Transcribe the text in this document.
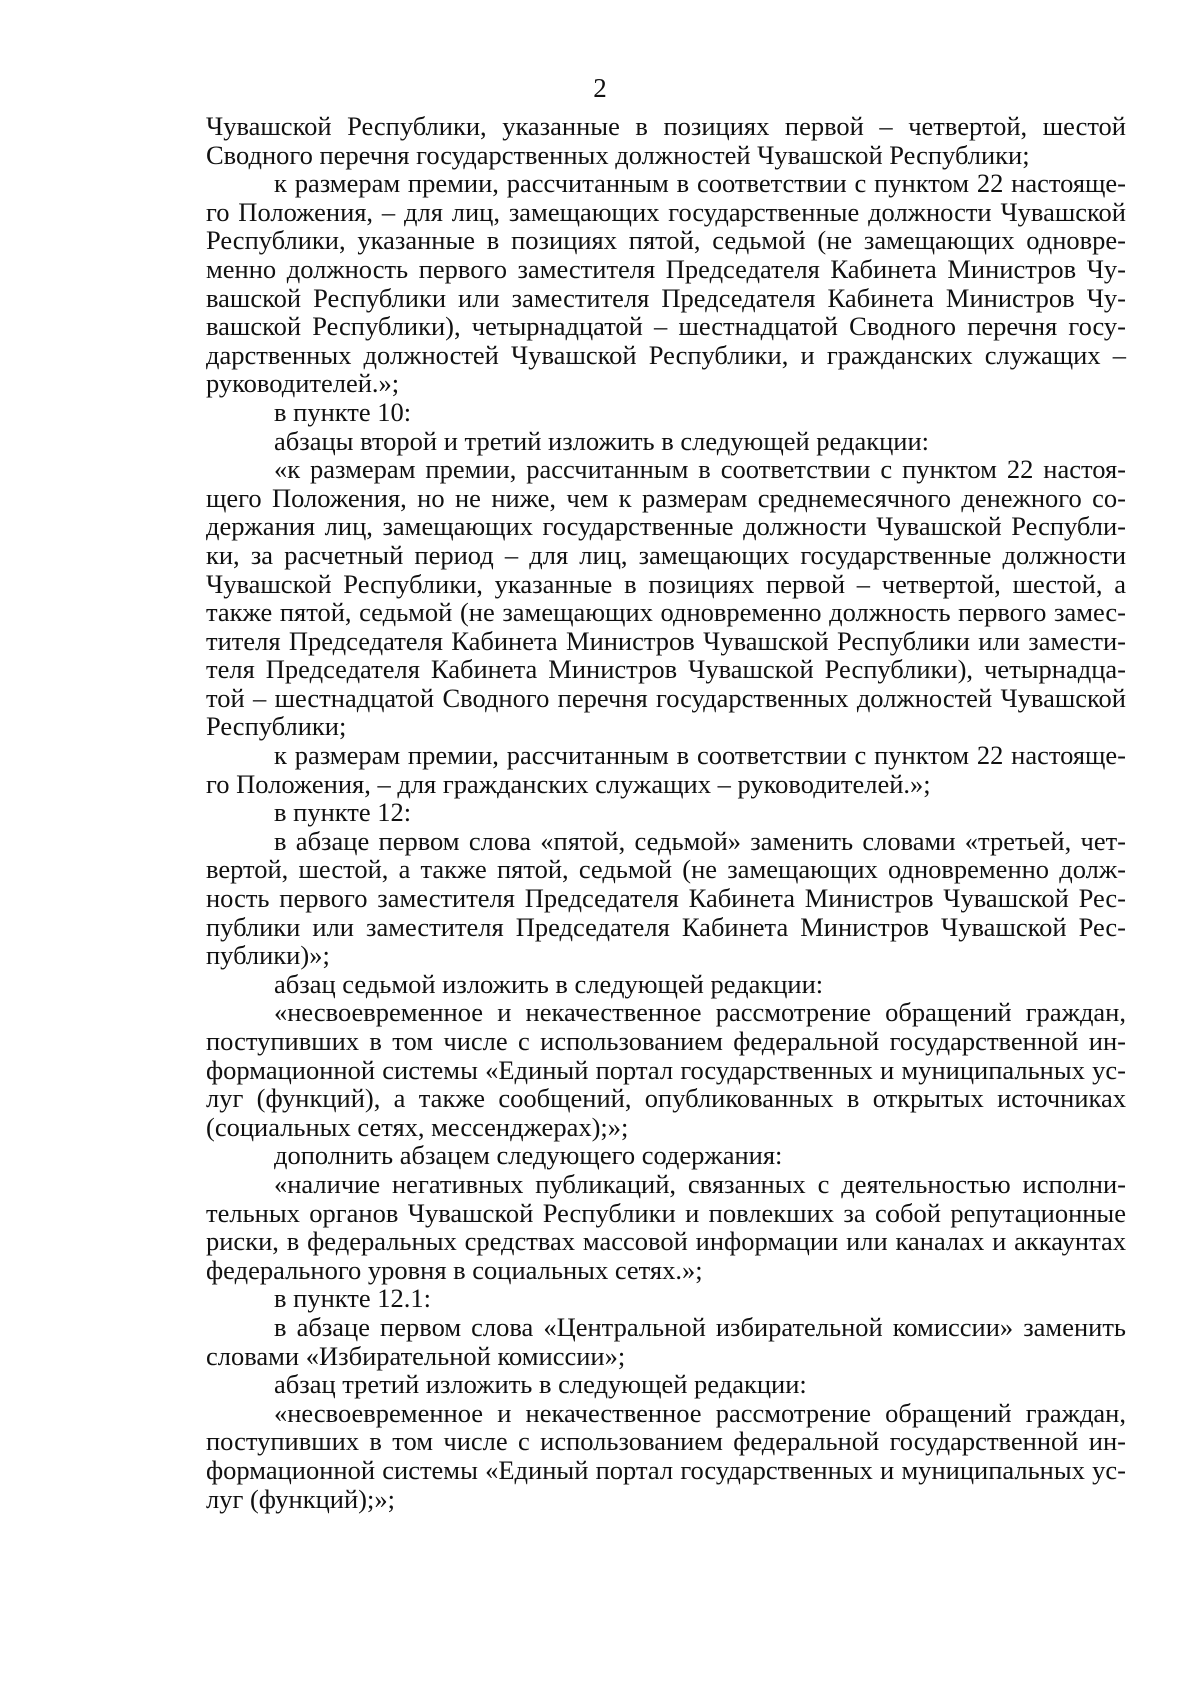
2

Чувашской Республики, указанные в позициях первой – четвертой, шестой Сводного перечня государственных должностей Чувашской Республики;

к размерам премии, рассчитанным в соответствии с пунктом 22 настоящего Положения, – для лиц, замещающих государственные должности Чувашской Республики, указанные в позициях пятой, седьмой (не замещающих одновременно должность первого заместителя Председателя Кабинета Министров Чувашской Республики или заместителя Председателя Кабинета Министров Чувашской Республики), четырнадцатой – шестнадцатой Сводного перечня государственных должностей Чувашской Республики, и гражданских служащих – руководителей.»;

в пункте 10:

абзацы второй и третий изложить в следующей редакции:

«к размерам премии, рассчитанным в соответствии с пунктом 22 настоящего Положения, но не ниже, чем к размерам среднемесячного денежного содержания лиц, замещающих государственные должности Чувашской Республики, за расчетный период – для лиц, замещающих государственные должности Чувашской Республики, указанные в позициях первой – четвертой, шестой, а также пятой, седьмой (не замещающих одновременно должность первого заместителя Председателя Кабинета Министров Чувашской Республики или заместителя Председателя Кабинета Министров Чувашской Республики), четырнадцатой – шестнадцатой Сводного перечня государственных должностей Чувашской Республики;

к размерам премии, рассчитанным в соответствии с пунктом 22 настоящего Положения, – для гражданских служащих – руководителей.»;

в пункте 12:

в абзаце первом слова «пятой, седьмой» заменить словами «третьей, четвертой, шестой, а также пятой, седьмой (не замещающих одновременно должность первого заместителя Председателя Кабинета Министров Чувашской Республики или заместителя Председателя Кабинета Министров Чувашской Республики)»;

абзац седьмой изложить в следующей редакции:

«несвоевременное и некачественное рассмотрение обращений граждан, поступивших в том числе с использованием федеральной государственной информационной системы «Единый портал государственных и муниципальных услуг (функций), а также сообщений, опубликованных в открытых источниках (социальных сетях, мессенджерах);»;

дополнить абзацем следующего содержания:

«наличие негативных публикаций, связанных с деятельностью исполнительных органов Чувашской Республики и повлекших за собой репутационные риски, в федеральных средствах массовой информации или каналах и аккаунтах федерального уровня в социальных сетях.»;

в пункте 12.1:

в абзаце первом слова «Центральной избирательной комиссии» заменить словами «Избирательной комиссии»;

абзац третий изложить в следующей редакции:

«несвоевременное и некачественное рассмотрение обращений граждан, поступивших в том числе с использованием федеральной государственной информационной системы «Единый портал государственных и муниципальных услуг (функций);»;
